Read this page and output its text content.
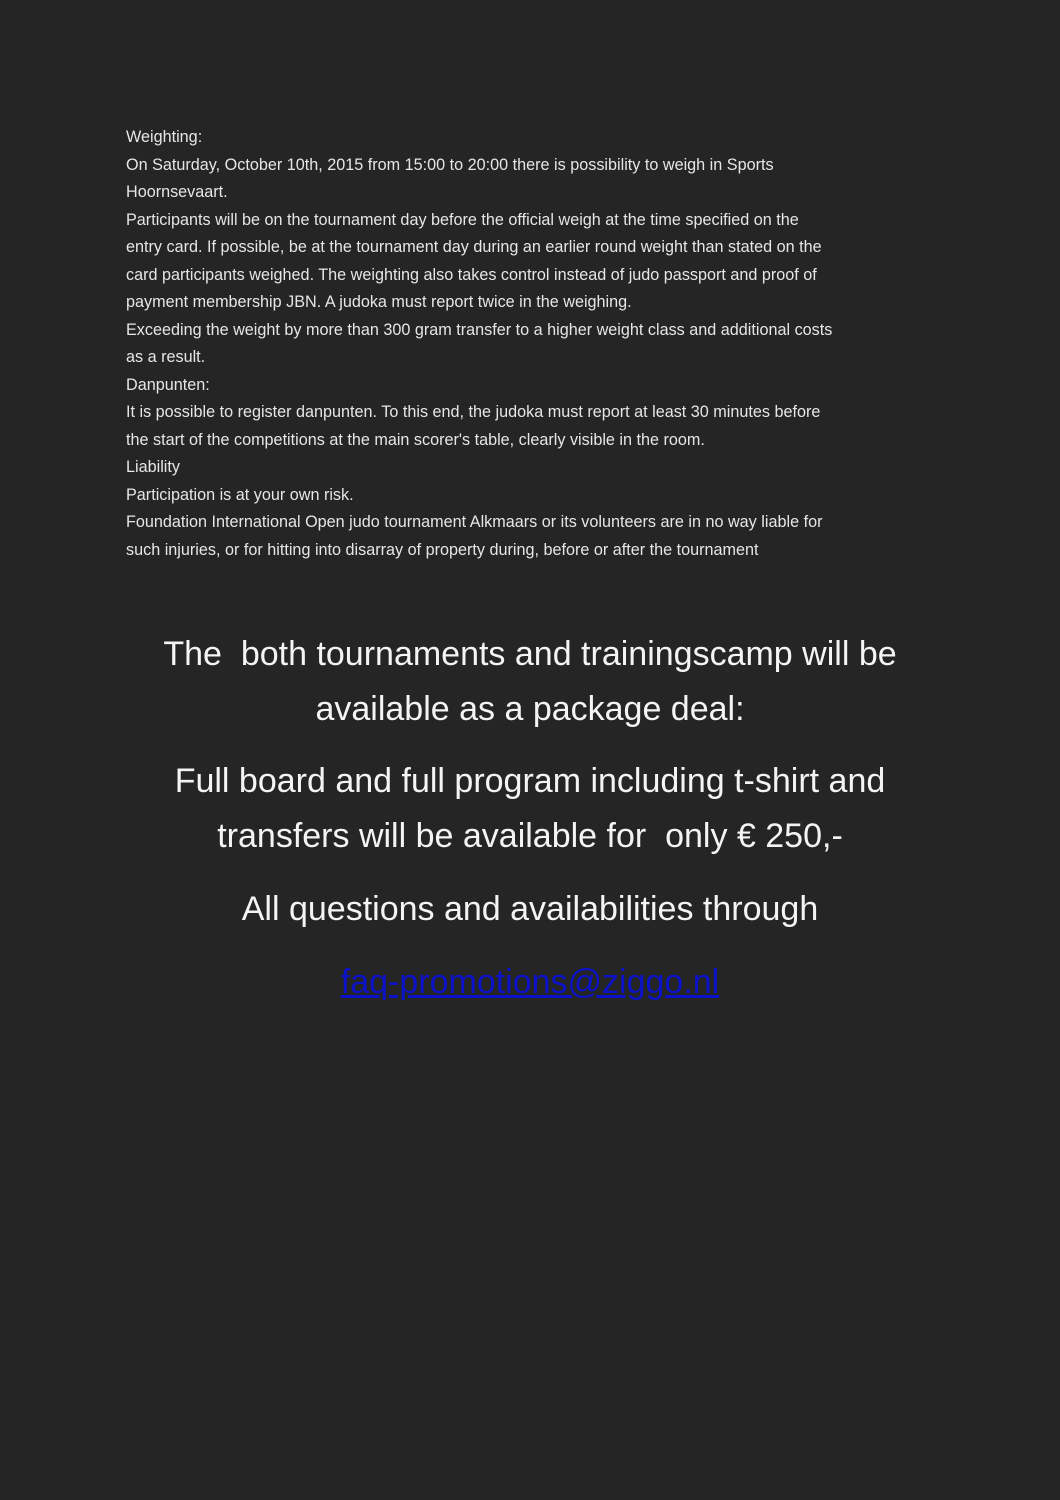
Weighting:

On Saturday, October 10th, 2015 from 15:00 to 20:00 there is possibility to weigh in Sports

Hoornsevaart.

Participants will be on the tournament day before the official weigh at the time specified on the

entry card. If possible, be at the tournament day during an earlier round weight than stated on the

card participants weighed. The weighting also takes control instead of judo passport and proof of

payment membership JBN. A judoka must report twice in the weighing.

Exceeding the weight by more than 300 gram transfer to a higher weight class and additional costs

as a result.

Danpunten:

It is possible to register danpunten. To this end, the judoka must report at least 30 minutes before

the start of the competitions at the main scorer's table, clearly visible in the room.

Liability

Participation is at your own risk.

Foundation International Open judo tournament Alkmaars or its volunteers are in no way liable for

such injuries, or for hitting into disarray of property during, before or after the tournament

The  both tournaments and trainingscamp will be
available as a package deal:
Full board and full program including t-shirt and
transfers will be available for  only € 250,-
All questions and availabilities through
faq-promotions@ziggo.nl
